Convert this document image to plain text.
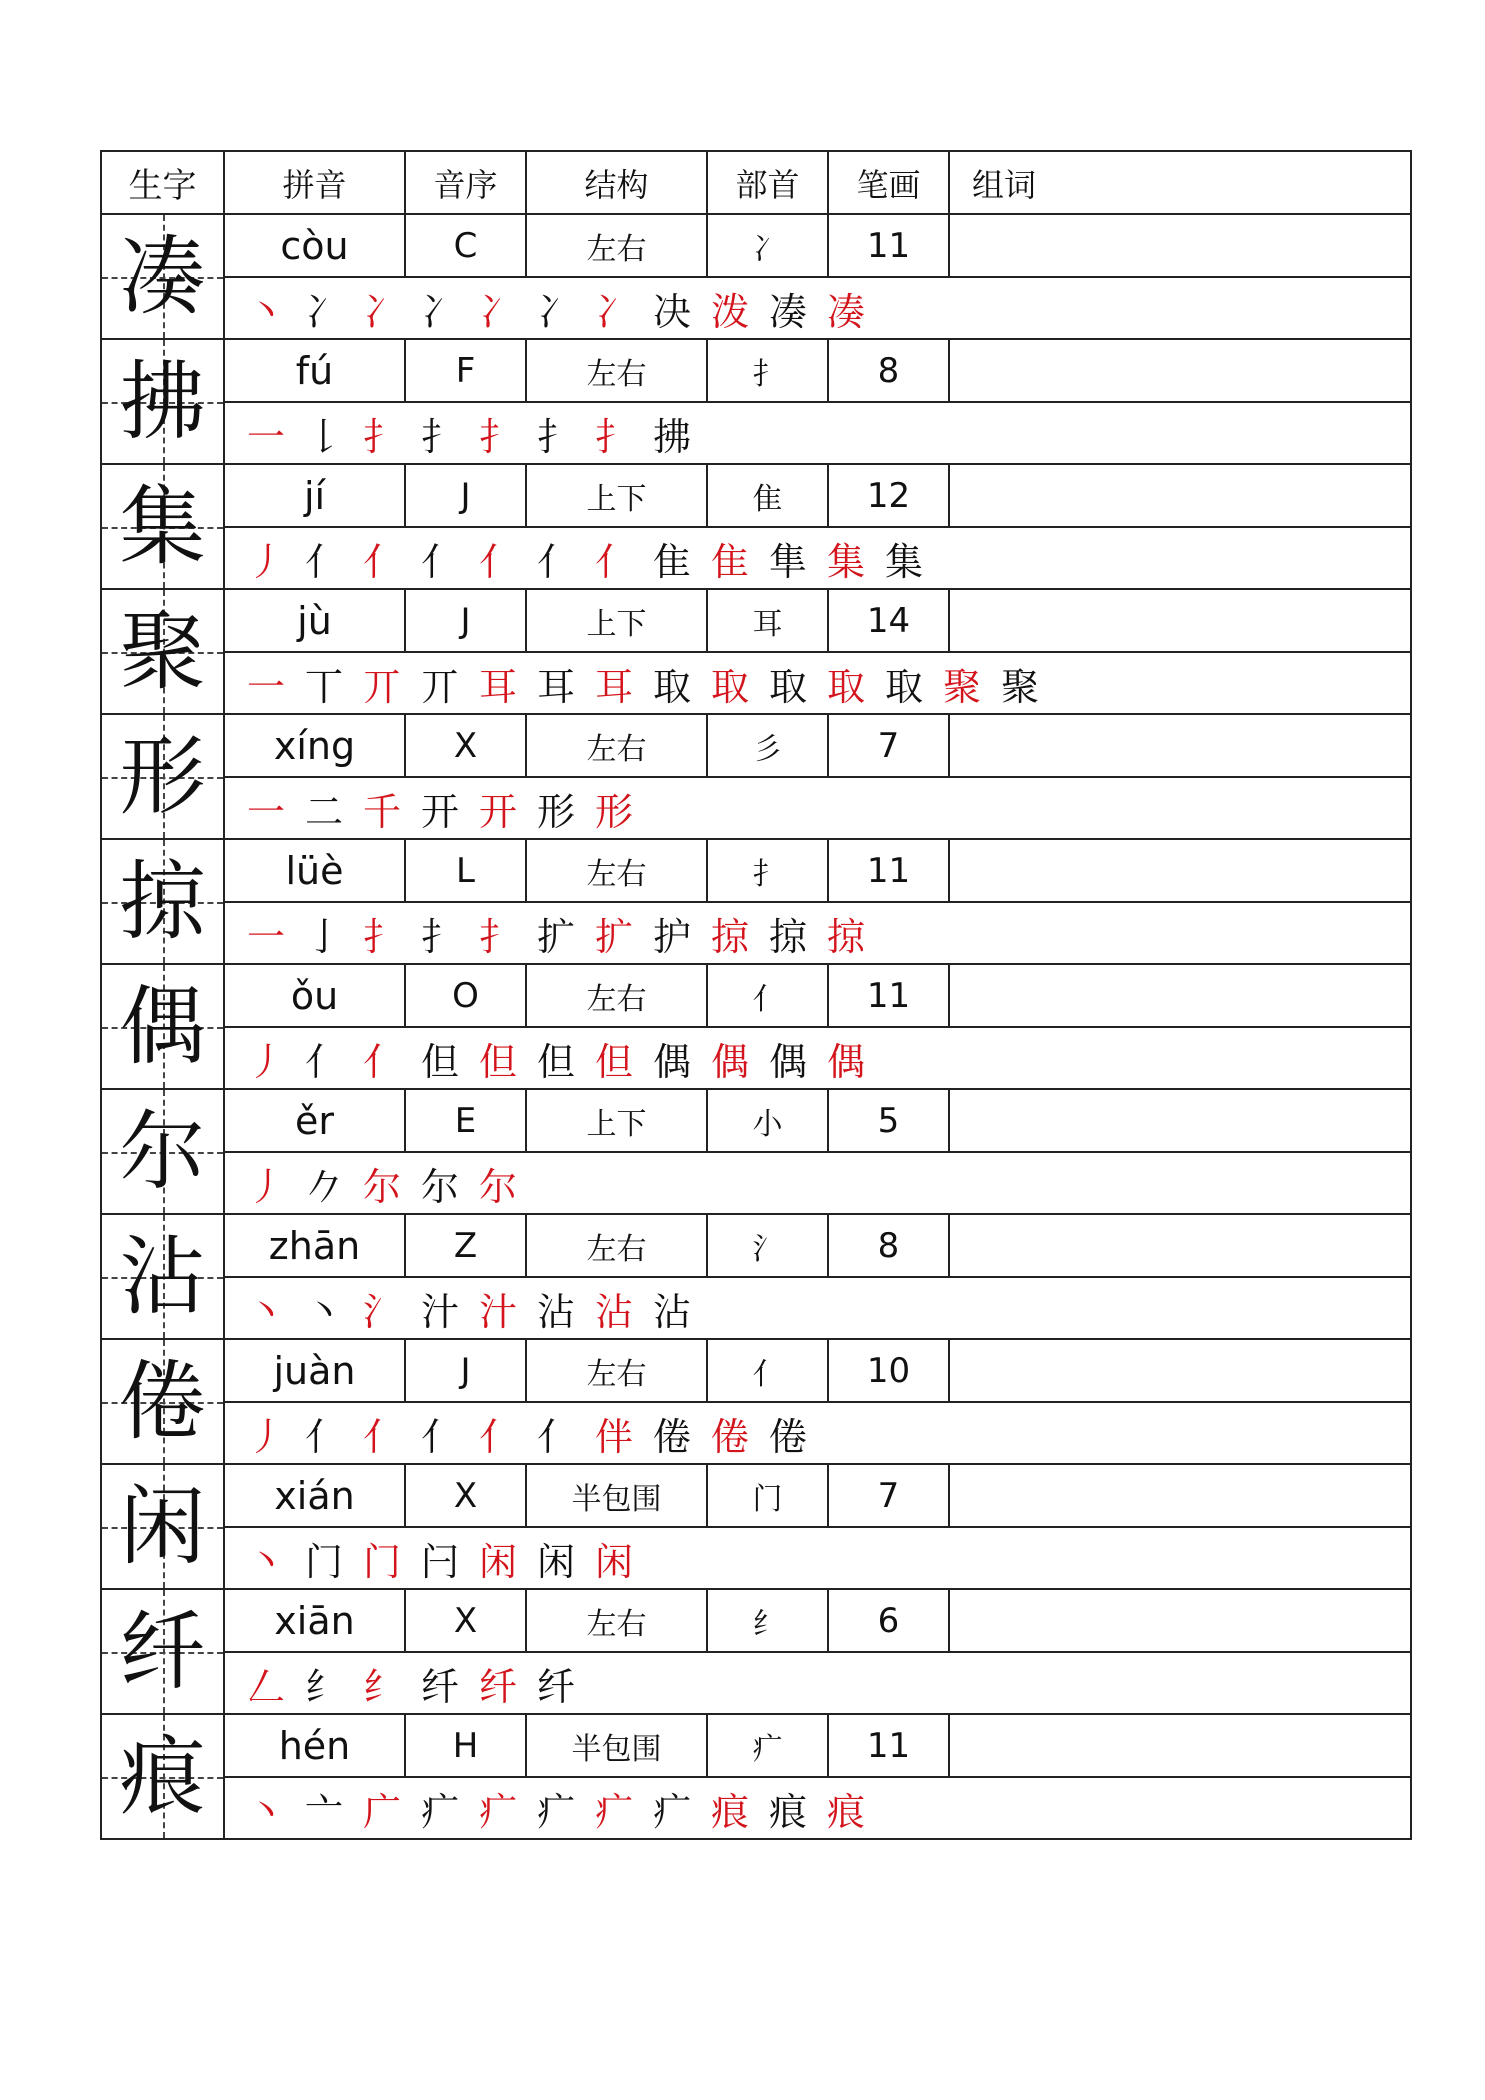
生字	拼音	音序	结构	部首	笔画	组词
凑	còu	C	左右	冫	11
丶 冫 冫 冫 冫 冫 冫 决 泼 凑 凑
拂	fú	F	左右	扌	8
一 𠄌 扌 扌 扌 扌 扌 拂
集	jí	J	上下	隹	12
丿 亻 亻 亻 亻 亻 亻 隹 隹 隼 集 集
聚	jù	J	上下	耳	14
一 丅 丌 丌 耳 耳 耳 取 取 取 取 取 聚 聚
形	xíng	X	左右	彡	7
一 二 千 开 开 形 形
掠	lüè	L	左右	扌	11
一 亅 扌 扌 扌 扩 扩 护 掠 掠 掠
偶	ǒu	O	左右	亻	11
丿 亻 亻 但 但 但 但 偶 偶 偶 偶
尔	ěr	E	上下	小	5
丿 𠂊 尔 尔 尔
沾	zhān	Z	左右	氵	8
丶 丶 氵 汁 汁 沾 沾 沾
倦	juàn	J	左右	亻	10
丿 亻 亻 亻 亻 亻 伴 倦 倦 倦
闲	xián	X	半包围	门	7
丶 门 门 闩 闲 闲 闲
纤	xiān	X	左右	纟	6
𠃋 纟 纟 纤 纤 纤
痕	hén	H	半包围	疒	11
丶 亠 广 疒 疒 疒 疒 疒 痕 痕 痕
